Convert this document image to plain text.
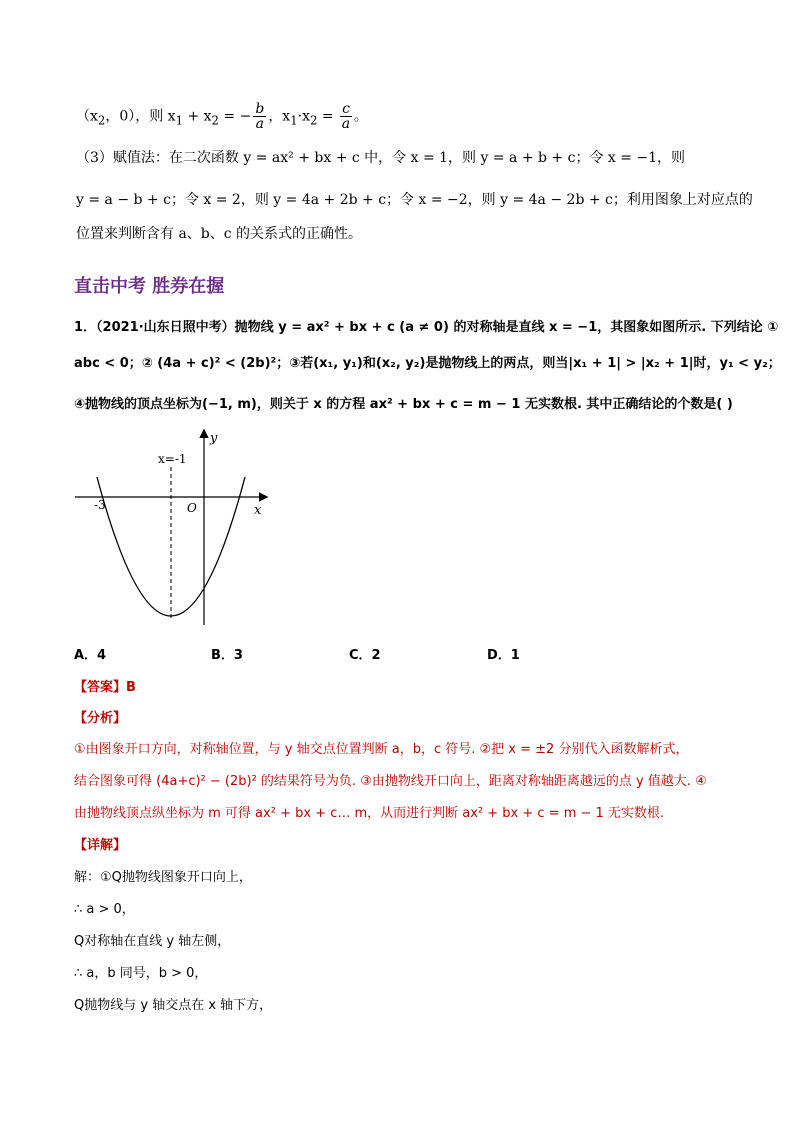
（$x_2$，0），则 $x_1 + x_2$ = − $\frac{b}{a}$ ，$x_1\cdot x_2 = \frac{c}{a}$ 。
（3）赋值法：在二次函数 y = ax² + bx + c 中，令 x = 1，则 y = a + b + c；令 x = −1，则
y = a − b + c；令 x = 2，则 y = 4a + 2b + c；令 x = −2，则 y = 4a − 2b + c；利用图象上对应点的
位置来判断含有 a、b、c 的关系式的正确性。
直击中考 胜券在握
1．（2021·山东日照中考）抛物线 y = ax² + bx + c (a ≠ 0) 的对称轴是直线 x = −1，其图象如图所示. 下列结论 ①
abc < 0；② (4a + c)² < (2b)²；③若(x₁, y₁)和(x₂, y₂)是抛物线上的两点，则当|x₁ + 1| > |x₂ + 1|时，y₁ < y₂；
④抛物线的顶点坐标为(−1, m)，则关于 x 的方程 ax² + bx + c = m − 1 无实数根. 其中正确结论的个数是( )
y
x
x=-1
O
-3
A．4	B．3	C．2	D．1
【答案】B
【分析】
①由图象开口方向，对称轴位置，与 y 轴交点位置判断 a，b，c 符号. ②把 x = ±2 分别代入函数解析式，
结合图象可得 (4a+c)² − (2b)² 的结果符号为负. ③由抛物线开口向上，距离对称轴距离越远的点 y 值越大. ④
由抛物线顶点纵坐标为 m 可得 ax² + bx + c… m，从而进行判断 ax² + bx + c = m − 1 无实数根.
【详解】
解：①Q抛物线图象开口向上，
∴ a > 0，
Q对称轴在直线 y 轴左侧，
∴ a，b 同号，b > 0，
Q抛物线与 y 轴交点在 x 轴下方，
